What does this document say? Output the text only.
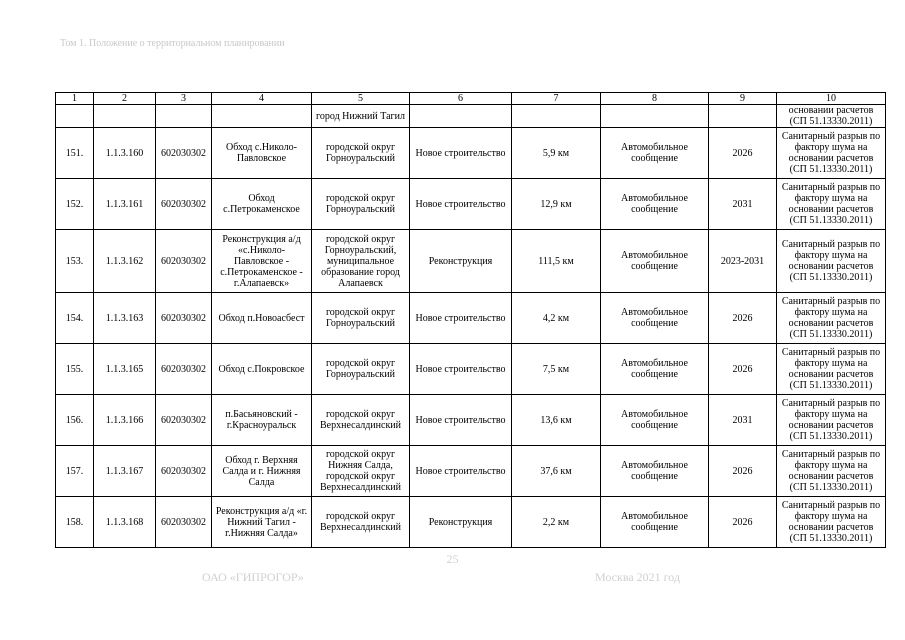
Том 1. Положение о территориальном планировании
1	2	3	4	5	6	7	8	9	10
				город Нижний Тагил					основании расчетов (СП 51.13330.2011)
151.	1.1.3.160	602030302	Обход с.Николо-Павловское	городской округ Горноуральский	Новое строительство	5,9 км	Автомобильное сообщение	2026	Санитарный разрыв по фактору шума на основании расчетов (СП 51.13330.2011)
152.	1.1.3.161	602030302	Обход с.Петрокаменское	городской округ Горноуральский	Новое строительство	12,9 км	Автомобильное сообщение	2031	Санитарный разрыв по фактору шума на основании расчетов (СП 51.13330.2011)
153.	1.1.3.162	602030302	Реконструкция а/д «с.Николо-Павловское - с.Петрокаменское - г.Алапаевск»	городской округ Горноуральский, муниципальное образование город Алапаевск	Реконструкция	111,5 км	Автомобильное сообщение	2023-2031	Санитарный разрыв по фактору шума на основании расчетов (СП 51.13330.2011)
154.	1.1.3.163	602030302	Обход п.Новоасбест	городской округ Горноуральский	Новое строительство	4,2 км	Автомобильное сообщение	2026	Санитарный разрыв по фактору шума на основании расчетов (СП 51.13330.2011)
155.	1.1.3.165	602030302	Обход с.Покровское	городской округ Горноуральский	Новое строительство	7,5 км	Автомобильное сообщение	2026	Санитарный разрыв по фактору шума на основании расчетов (СП 51.13330.2011)
156.	1.1.3.166	602030302	п.Басьяновский - г.Красноуральск	городской округ Верхнесалдинский	Новое строительство	13,6 км	Автомобильное сообщение	2031	Санитарный разрыв по фактору шума на основании расчетов (СП 51.13330.2011)
157.	1.1.3.167	602030302	Обход г. Верхняя Салда и г. Нижняя Салда	городской округ Нижняя Салда, городской округ Верхнесалдинский	Новое строительство	37,6 км	Автомобильное сообщение	2026	Санитарный разрыв по фактору шума на основании расчетов (СП 51.13330.2011)
158.	1.1.3.168	602030302	Реконструкция а/д «г. Нижний Тагил - г.Нижняя Салда»	городской округ Верхнесалдинский	Реконструкция	2,2 км	Автомобильное сообщение	2026	Санитарный разрыв по фактору шума на основании расчетов (СП 51.13330.2011)
25
ОАО «ГИПРОГОР»	Москва 2021 год
